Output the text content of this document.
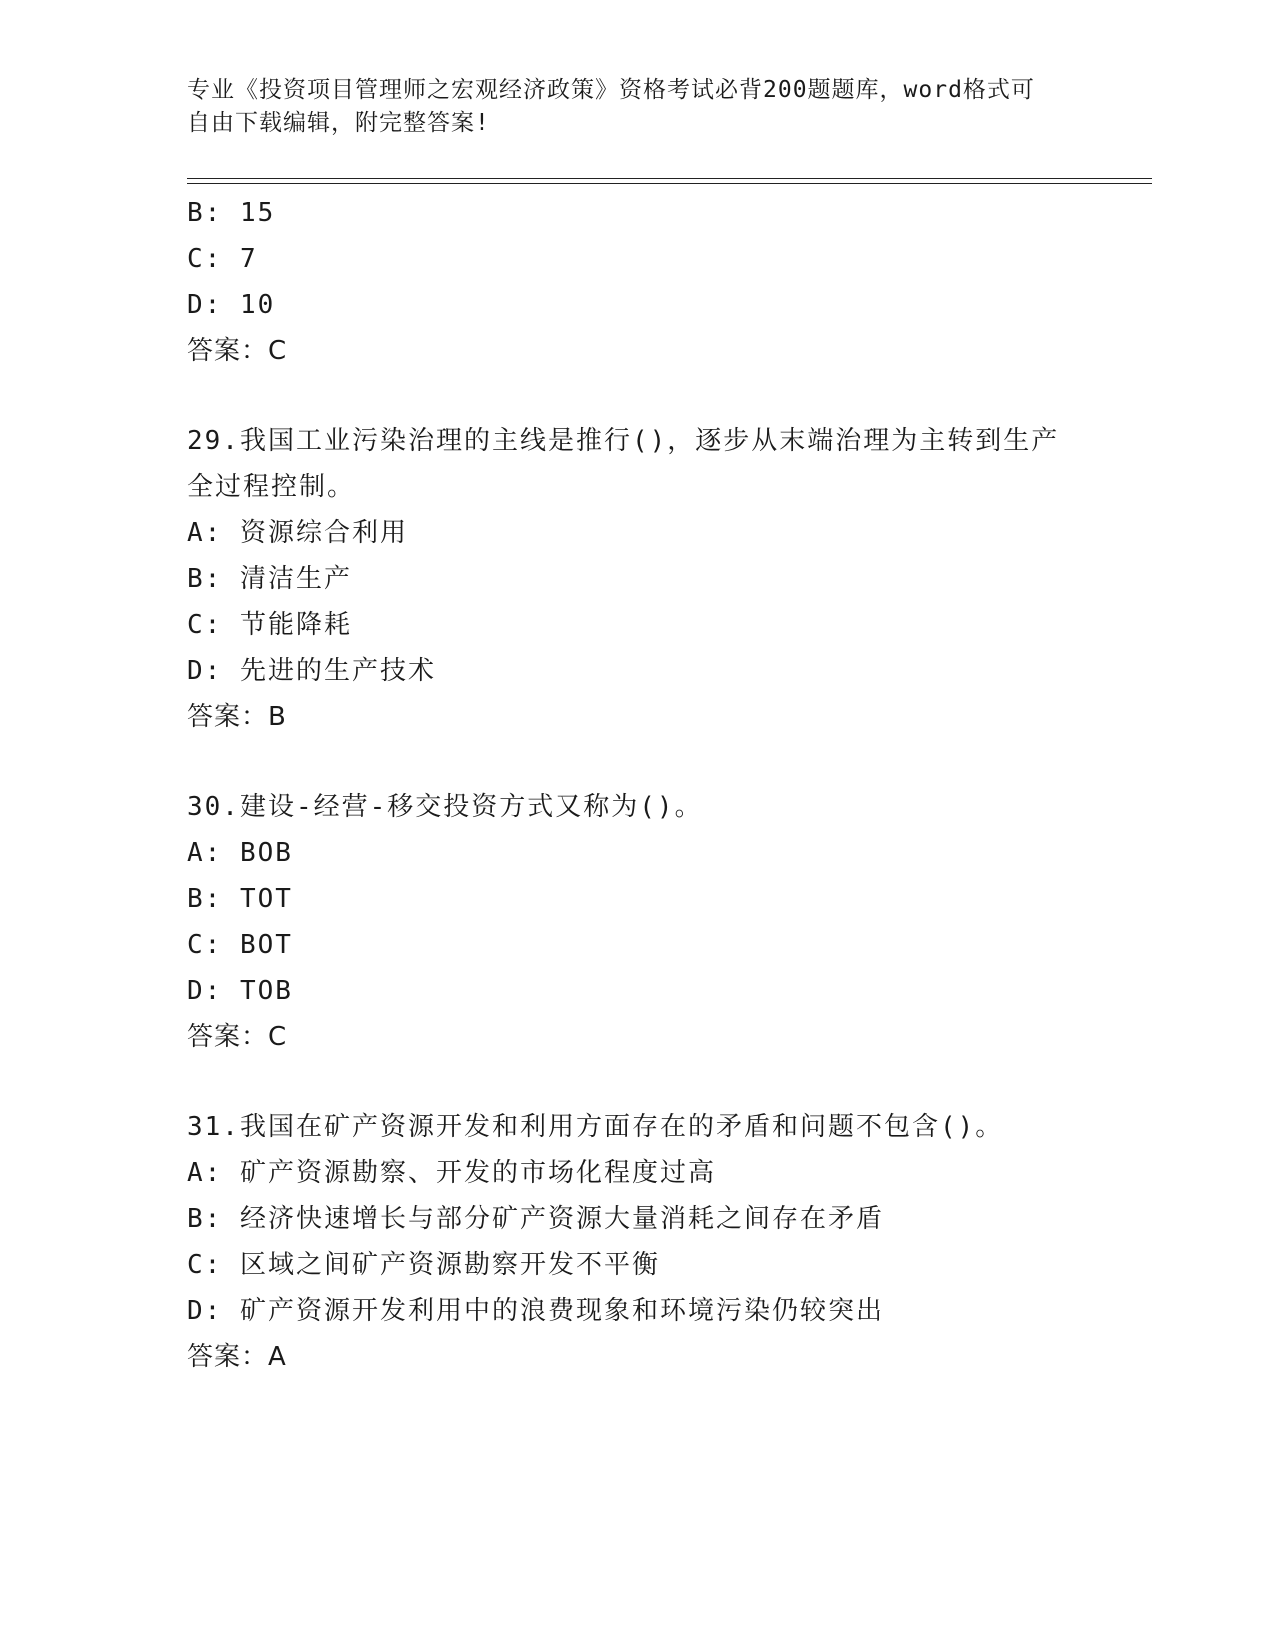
专业《投资项目管理师之宏观经济政策》资格考试必背200题题库，word格式可
自由下载编辑，附完整答案!
B: 15
C: 7
D: 10
答案：C
29.我国工业污染治理的主线是推行()，逐步从末端治理为主转到生产
全过程控制。
A: 资源综合利用
B: 清洁生产
C: 节能降耗
D: 先进的生产技术
答案：B
30.建设-经营-移交投资方式又称为()。
A: BOB
B: TOT
C: BOT
D: TOB
答案：C
31.我国在矿产资源开发和利用方面存在的矛盾和问题不包含()。
A: 矿产资源勘察、开发的市场化程度过高
B: 经济快速增长与部分矿产资源大量消耗之间存在矛盾
C: 区域之间矿产资源勘察开发不平衡
D: 矿产资源开发利用中的浪费现象和环境污染仍较突出
答案：A
